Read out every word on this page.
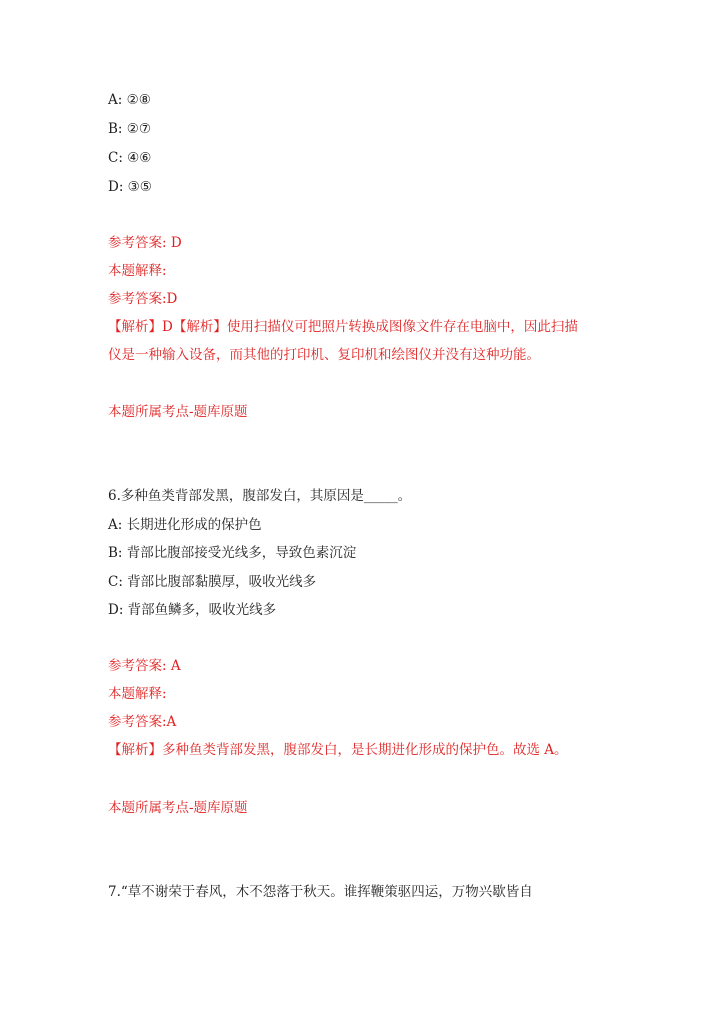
A: ②⑧
B: ②⑦
C: ④⑥
D: ③⑤
参考答案: D
本题解释:
参考答案:D
【解析】D【解析】使用扫描仪可把照片转换成图像文件存在电脑中，因此扫描
仪是一种输入设备，而其他的打印机、复印机和绘图仪并没有这种功能。
本题所属考点-题库原题
6.多种鱼类背部发黑，腹部发白，其原因是_____。
A: 长期进化形成的保护色
B: 背部比腹部接受光线多，导致色素沉淀
C: 背部比腹部黏膜厚，吸收光线多
D: 背部鱼鳞多，吸收光线多
参考答案: A
本题解释:
参考答案:A
【解析】多种鱼类背部发黑，腹部发白，是长期进化形成的保护色。故选 A。
本题所属考点-题库原题
7.“草不谢荣于春风，木不怨落于秋天。谁挥鞭策驱四运，万物兴歇皆自
